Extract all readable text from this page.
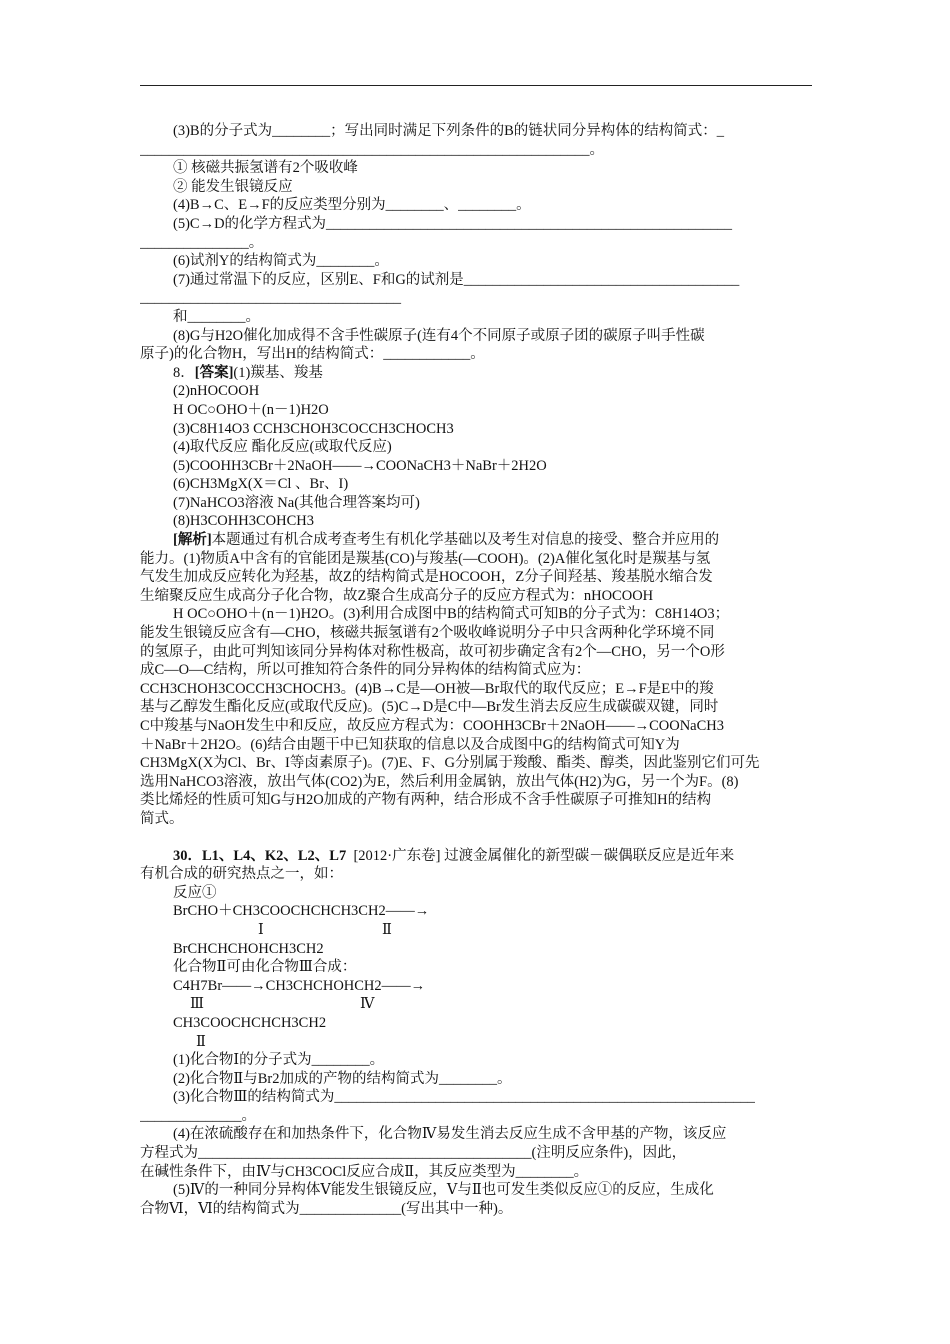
(3)B的分子式为________；写出同时满足下列条件的B的链状同分异构体的结构简式：_
______________________________________________________________。
① 核磁共振氢谱有2个吸收峰
② 能发生银镜反应
(4)B→C、E→F的反应类型分别为________、________。
(5)C→D的化学方程式为________________________________________________________
_______________。
(6)试剂Y的结构简式为________。
(7)通过常温下的反应，区别E、F和G的试剂是______________________________________
____________________________________
和________。
(8)G与H2O催化加成得不含手性碳原子(连有4个不同原子或原子团的碳原子叫手性碳
原子)的化合物H，写出H的结构简式：____________。
8．[答案](1)羰基、羧基
(2)nHOCOOH
H OC○OHO＋(n－1)H2O
(3)C8H14O3 CCH3CHOH3COCCH3CHOCH3
(4)取代反应 酯化反应(或取代反应)
(5)COOHH3CBr＋2NaOH——→COONaCH3＋NaBr＋2H2O
(6)CH3MgX(X＝Cl 、Br、I)
(7)NaHCO3溶液 Na(其他合理答案均可)
(8)H3COHH3COHCH3
[解析]本题通过有机合成考查考生有机化学基础以及考生对信息的接受、整合并应用的
能力。(1)物质A中含有的官能团是羰基(CO)与羧基(—COOH)。(2)A催化氢化时是羰基与氢
气发生加成反应转化为羟基，故Z的结构简式是HOCOOH，Z分子间羟基、羧基脱水缩合发
生缩聚反应生成高分子化合物，故Z聚合生成高分子的反应方程式为：nHOCOOH
H OC○OHO＋(n－1)H2O。(3)利用合成图中B的结构简式可知B的分子式为：C8H14O3；
能发生银镜反应含有—CHO，核磁共振氢谱有2个吸收峰说明分子中只含两种化学环境不同
的氢原子，由此可判知该同分异构体对称性极高，故可初步确定含有2个—CHO，另一个O形
成C—O—C结构，所以可推知符合条件的同分异构体的结构简式应为：
CCH3CHOH3COCCH3CHOCH3。(4)B→C是—OH被—Br取代的取代反应；E→F是E中的羧
基与乙醇发生酯化反应(或取代反应)。(5)C→D是C中—Br发生消去反应生成碳碳双键，同时
C中羧基与NaOH发生中和反应，故反应方程式为：COOHH3CBr＋2NaOH——→COONaCH3
＋NaBr＋2H2O。(6)结合由题干中已知获取的信息以及合成图中G的结构简式可知Y为
CH3MgX(X为Cl、Br、I等卤素原子)。(7)E、F、G分别属于羧酸、酯类、醇类，因此鉴别它们可先
选用NaHCO3溶液，放出气体(CO2)为E，然后利用金属钠，放出气体(H2)为G，另一个为F。(8)
类比烯烃的性质可知G与H2O加成的产物有两种，结合形成不含手性碳原子可推知H的结构
简式。
30．L1、L4、K2、L2、L7 [2012·广东卷] 过渡金属催化的新型碳－碳偶联反应是近年来
有机合成的研究热点之一，如：
反应①
BrCHO＋CH3COOCHCHCH3CH2——→
Ⅰ	Ⅱ
BrCHCHCHOHCH3CH2
化合物Ⅱ可由化合物Ⅲ合成：
C4H7Br——→CH3CHCHOHCH2——→
Ⅲ	Ⅳ
CH3COOCHCHCH3CH2
Ⅱ
(1)化合物Ⅰ的分子式为________。
(2)化合物Ⅱ与Br2加成的产物的结构简式为________。
(3)化合物Ⅲ的结构简式为__________________________________________________________
______________。
(4)在浓硫酸存在和加热条件下，化合物Ⅳ易发生消去反应生成不含甲基的产物，该反应
方程式为______________________________________________(注明反应条件)，因此，
在碱性条件下，由Ⅳ与CH3COCl反应合成Ⅱ，其反应类型为________。
(5)Ⅳ的一种同分异构体Ⅴ能发生银镜反应，Ⅴ与Ⅱ也可发生类似反应①的反应，生成化
合物Ⅵ，Ⅵ的结构简式为______________(写出其中一种)。
